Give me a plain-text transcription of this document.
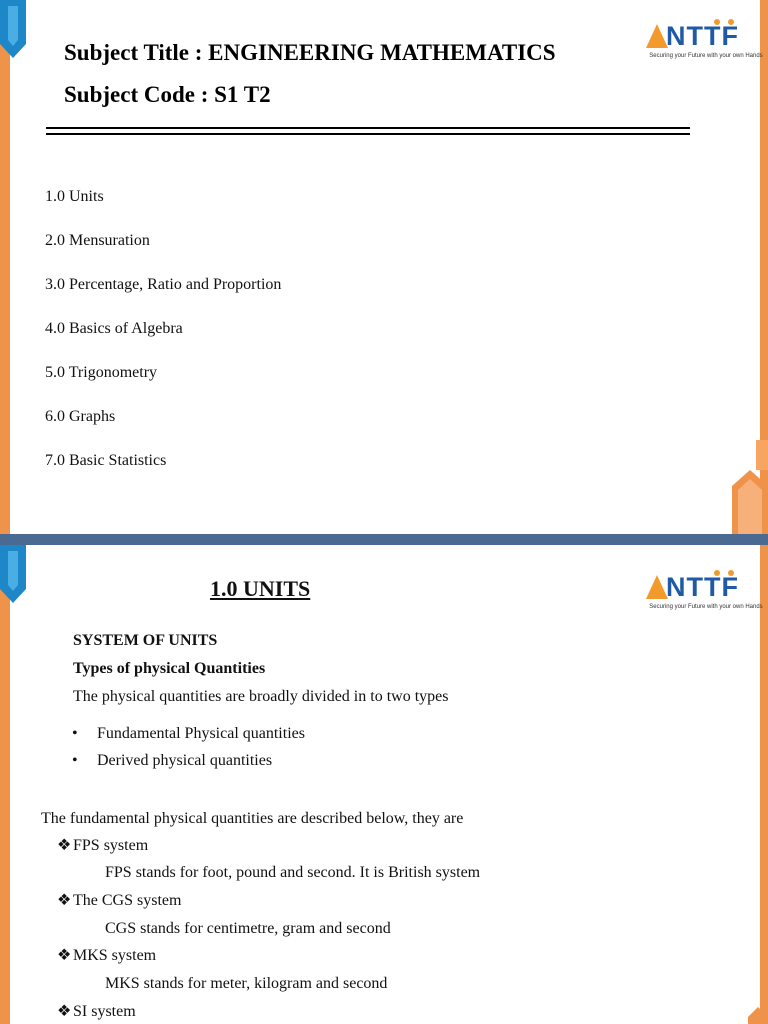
NTTF
Securing your Future with your own Hands
Subject Title : ENGINEERING MATHEMATICS
Subject Code : S1 T2
1.0 Units
2.0 Mensuration
3.0 Percentage, Ratio and Proportion
4.0 Basics of Algebra
5.0 Trigonometry
6.0 Graphs
7.0 Basic Statistics
NTTF
Securing your Future with your own Hands
1.0 UNITS
SYSTEM OF UNITS
Types of physical Quantities
The physical quantities are broadly divided in to two types
• Fundamental Physical quantities
• Derived physical quantities
The fundamental physical quantities are described below, they are
❖ FPS system
FPS stands for foot, pound and second. It is British system
❖ The CGS system
CGS stands for centimetre, gram and second
❖ MKS system
MKS stands for meter, kilogram and second
❖ SI system
